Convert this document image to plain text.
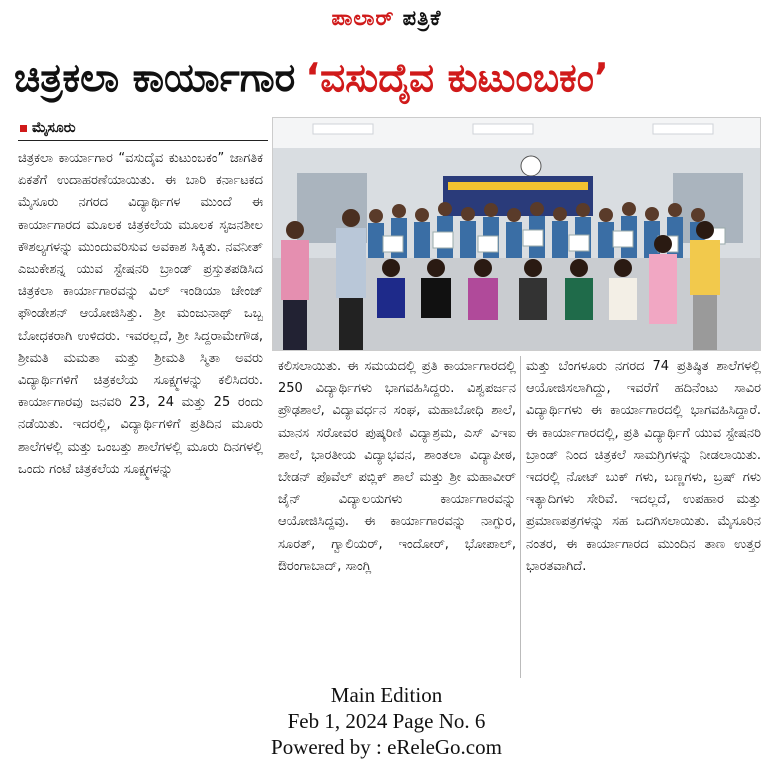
ಪಾಲಾರ್ ಪತ್ರಿಕೆ
ಚಿತ್ರಕಲಾ ಕಾರ್ಯಾಗಾರ ‘ವಸುದೈವ ಕುಟುಂಬಕಂ’
ಮೈಸೂರು

ಚಿತ್ರಕಲಾ ಕಾರ್ಯಾಗಾರ “ವಸುದೈವ ಕುಟುಂಬಕಂ” ಜಾಗತಿಕ ಏಕತೆಗೆ ಉದಾಹರಣೆಯಾಯಿತು. ಈ ಬಾರಿ ಕರ್ನಾಟಕದ ಮೈಸೂರು ನಗರದ ವಿದ್ಯಾರ್ಥಿಗಳ ಮುಂದೆ ಈ ಕಾರ್ಯಾಗಾರದ ಮೂಲಕ ಚಿತ್ರಕಲೆಯ ಮೂಲಕ ಸೃಜನಶೀಲ ಕೌಶಲ್ಯಗಳನ್ನು ಮುಂದುವರಿಸುವ ಅವಕಾಶ ಸಿಕ್ಕಿತು. ನವನೀತ್ ಎಜುಕೇಶನ್ನ ಯುವ ಸ್ಟೇಷನರಿ ಬ್ರಾಂಡ್ ಪ್ರಸ್ತುತಪಡಿಸಿದ ಚಿತ್ರಕಲಾ ಕಾರ್ಯಾಗಾರವನ್ನು ವಿಲ್ ಇಂಡಿಯಾ ಚೇಂಜ್ ಫೌಂಡೇಶನ್ ಆಯೋಜಿಸಿತ್ತು. ಶ್ರೀ ಮಂಜುನಾಥ್ ಒಬ್ಬ ಬೋಧಕರಾಗಿ ಉಳಿದರು. ಇವರಲ್ಲದೆ, ಶ್ರೀ ಸಿದ್ದರಾಮೇಗೌಡ, ಶ್ರೀಮತಿ ಮಮತಾ ಮತ್ತು ಶ್ರೀಮತಿ ಸ್ಮಿತಾ ಅವರು ವಿದ್ಯಾರ್ಥಿಗಳಿಗೆ ಚಿತ್ರಕಲೆಯ ಸೂಕ್ಷ್ಮಗಳನ್ನು ಕಲಿಸಿದರು. ಕಾರ್ಯಾಗಾರವು ಜನವರಿ 23, 24 ಮತ್ತು 25 ರಂದು ನಡೆಯಿತು. ಇದರಲ್ಲಿ, ವಿದ್ಯಾರ್ಥಿಗಳಿಗೆ ಪ್ರತಿದಿನ ಮೂರು ಶಾಲೆಗಳಲ್ಲಿ ಮತ್ತು ಒಂಬತ್ತು ಶಾಲೆಗಳಲ್ಲಿ ಮೂರು ದಿನಗಳಲ್ಲಿ ಒಂದು ಗಂಟೆ ಚಿತ್ರಕಲೆಯ ಸೂಕ್ಷ್ಮಗಳನ್ನು

ಕಲಿಸಲಾಯಿತು. ಈ ಸಮಯದಲ್ಲಿ ಪ್ರತಿ ಕಾರ್ಯಾಗಾರದಲ್ಲಿ 250 ವಿದ್ಯಾರ್ಥಿಗಳು ಭಾಗವಹಿಸಿದ್ದರು. ವಿಶ್ವಪರ್ಜನ ಪ್ರೌಢಶಾಲೆ, ವಿದ್ಯಾವರ್ಧನ ಸಂಘ, ಮಹಾಬೋಧಿ ಶಾಲೆ, ಮಾನಸ ಸರೋವರ ಪುಷ್ಕರಿಣಿ ವಿದ್ಯಾಶ್ರಮ, ಎಸ್ ವಿಇಐ ಶಾಲೆ, ಭಾರತೀಯ ವಿದ್ಯಾಭವನ, ಶಾಂತಲಾ ವಿದ್ಯಾಪೀಠ, ಬೇಡನ್ ಪೊವೆಲ್ ಪಬ್ಲಿಕ್ ಶಾಲೆ ಮತ್ತು ಶ್ರೀ ಮಹಾವೀರ್ ಜೈನ್ ವಿದ್ಯಾಲಯಗಳು ಕಾರ್ಯಾಗಾರವನ್ನು ಆಯೋಜಿಸಿದ್ದವು. ಈ ಕಾರ್ಯಾಗಾರವನ್ನು ನಾಗ್ಪುರ, ಸೂರತ್, ಗ್ವಾಲಿಯರ್, ಇಂದೋರ್, ಭೋಪಾಲ್, ಔರಂಗಾಬಾದ್, ಸಾಂಗ್ಲಿ

ಮತ್ತು ಬೆಂಗಳೂರು ನಗರದ 74 ಪ್ರತಿಷ್ಠಿತ ಶಾಲೆಗಳಲ್ಲಿ ಆಯೋಜಿಸಲಾಗಿದ್ದು, ಇವರೆಗೆ ಹದಿನೆಂಟು ಸಾವಿರ ವಿದ್ಯಾರ್ಥಿಗಳು ಈ ಕಾರ್ಯಾಗಾರದಲ್ಲಿ ಭಾಗವಹಿಸಿದ್ದಾರೆ. ಈ ಕಾರ್ಯಾಗಾರದಲ್ಲಿ, ಪ್ರತಿ ವಿದ್ಯಾರ್ಥಿಗೆ ಯುವ ಸ್ಟೇಷನರಿ ಬ್ರಾಂಡ್ ನಿಂದ ಚಿತ್ರಕಲೆ ಸಾಮಗ್ರಿಗಳನ್ನು ನೀಡಲಾಯಿತು. ಇದರಲ್ಲಿ ನೋಟ್ ಬುಕ್ ಗಳು, ಬಣ್ಣಗಳು, ಬ್ರಷ್ ಗಳು ಇತ್ಯಾದಿಗಳು ಸೇರಿವೆ. ಇದಲ್ಲದೆ, ಉಪಹಾರ ಮತ್ತು ಪ್ರಮಾಣಪತ್ರಗಳನ್ನು ಸಹ ಒದಗಿಸಲಾಯಿತು. ಮೈಸೂರಿನ ನಂತರ, ಈ ಕಾರ್ಯಾಗಾರದ ಮುಂದಿನ ತಾಣ ಉತ್ತರ ಭಾರತವಾಗಿದೆ.

Main Edition
Feb 1, 2024 Page No. 6
Powered by : eReleGo.com
